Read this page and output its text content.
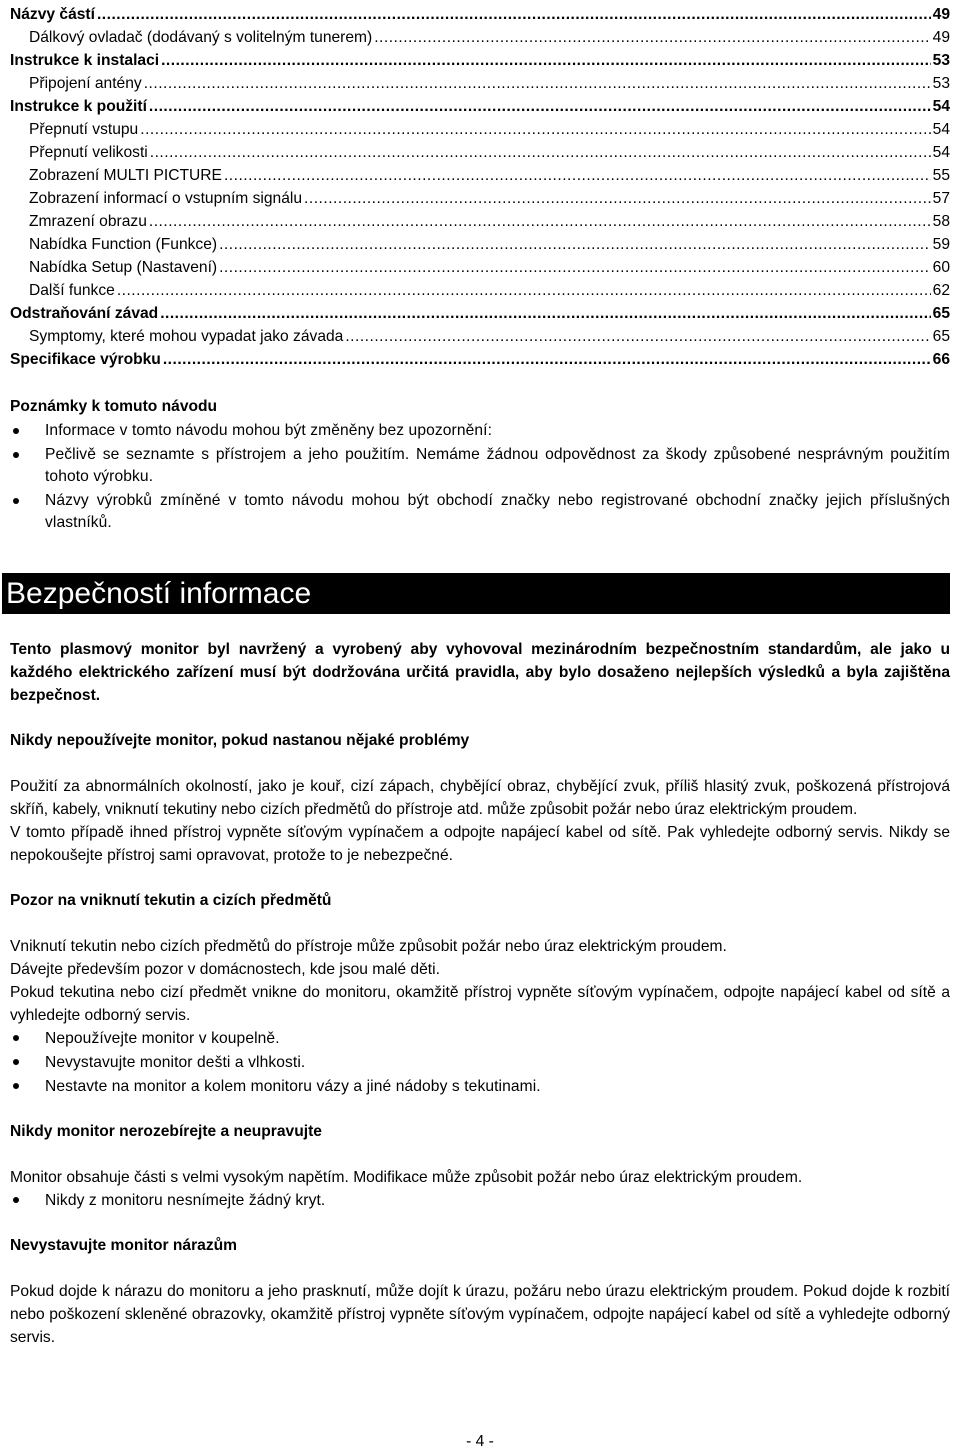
Názvy částí .....	49
Dálkový ovladač (dodávaný s volitelným tunerem) .....	49
Instrukce k instalaci .....	53
Připojení antény .....	53
Instrukce k použití .....	54
Přepnutí vstupu .....	54
Přepnutí velikosti .....	54
Zobrazení MULTI PICTURE .....	55
Zobrazení informací o vstupním signálu .....	57
Zmrazení obrazu .....	58
Nabídka Function (Funkce) .....	59
Nabídka Setup (Nastavení) .....	60
Další funkce .....	62
Odstraňování závad .....	65
Symptomy, které mohou vypadat jako závada .....	65
Specifikace výrobku .....	66
Poznámky k tomuto návodu
Informace v tomto návodu mohou být změněny bez upozornění:
Pečlivě se seznamte s přístrojem a jeho použitím. Nemáme žádnou odpovědnost za škody způsobené nesprávným použitím tohoto výrobku.
Názvy výrobků zmíněné v tomto návodu mohou být obchodí značky nebo registrované obchodní značky jejich příslušných vlastníků.
Bezpečností informace
Tento plasmový monitor byl navržený a vyrobený aby vyhovoval mezinárodním bezpečnostním standardům, ale jako u každého elektrického zařízení musí být dodržována určitá pravidla, aby bylo dosaženo nejlepších výsledků a byla zajištěna bezpečnost.
Nikdy nepoužívejte monitor, pokud nastanou nějaké problémy
Použití za abnormálních okolností, jako je kouř, cizí zápach, chybějící obraz, chybějící zvuk, příliš hlasitý zvuk, poškozená přístrojová skříň, kabely, vniknutí tekutiny nebo cizích předmětů do přístroje atd. může způsobit požár nebo úraz elektrickým proudem.
V tomto případě ihned přístroj vypněte síťovým vypínačem a odpojte napájecí kabel od sítě. Pak vyhledejte odborný servis. Nikdy se nepokoušejte přístroj sami opravovat, protože to je nebezpečné.
Pozor na vniknutí tekutin a cizích předmětů
Vniknutí tekutin nebo cizích předmětů do přístroje může způsobit požár nebo úraz elektrickým proudem.
Dávejte především pozor v domácnostech, kde jsou malé děti.
Pokud tekutina nebo cizí předmět vnikne do monitoru, okamžitě přístroj vypněte síťovým vypínačem, odpojte napájecí kabel od sítě a vyhledejte odborný servis.
Nepoužívejte monitor v koupelně.
Nevystavujte monitor dešti a vlhkosti.
Nestavte na monitor a kolem monitoru vázy a jiné nádoby s tekutinami.
Nikdy monitor nerozebírejte a neupravujte
Monitor obsahuje části s velmi vysokým napětím. Modifikace může způsobit požár nebo úraz elektrickým proudem.
Nikdy z monitoru nesnímejte žádný kryt.
Nevystavujte monitor nárazům
Pokud dojde k nárazu do monitoru a jeho prasknutí, může dojít k úrazu, požáru nebo úrazu elektrickým proudem. Pokud dojde k rozbití nebo poškození skleněné obrazovky, okamžitě přístroj vypněte síťovým vypínačem, odpojte napájecí kabel od sítě a vyhledejte odborný servis.
- 4 -
